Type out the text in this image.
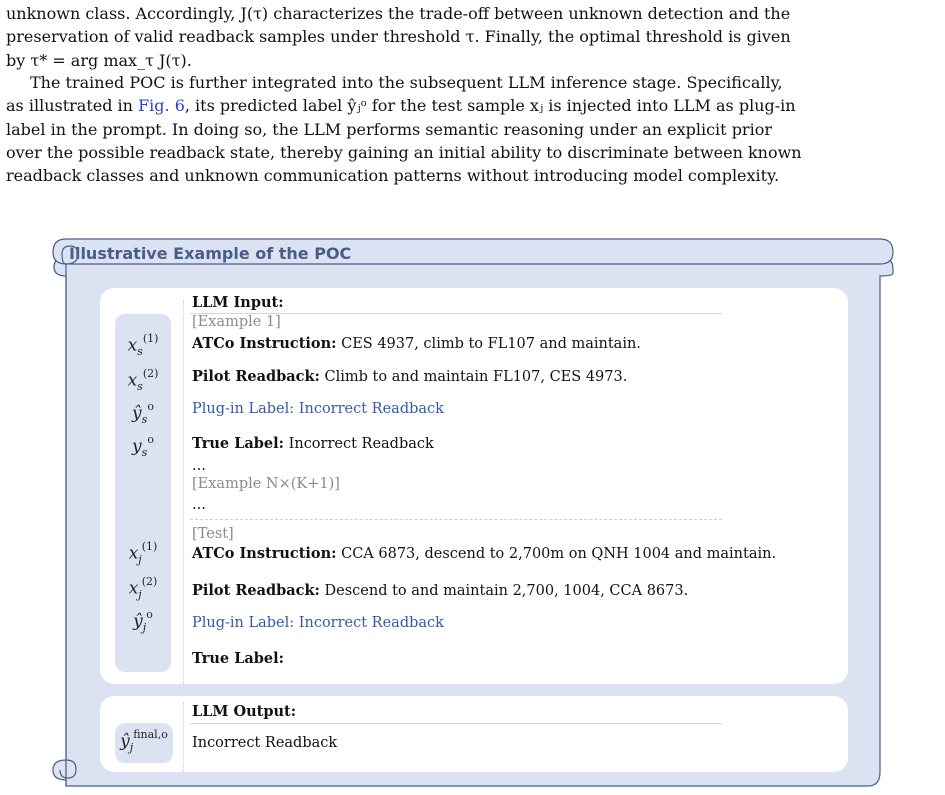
unknown class. Accordingly, J(τ) characterizes the trade-off between unknown detection and the

preservation of valid readback samples under threshold τ. Finally, the optimal threshold is given

by τ* = arg max_τ J(τ).

The trained POC is further integrated into the subsequent LLM inference stage. Specifically,

as illustrated in Fig. 6, its predicted label ŷⱼᵒ for the test sample xⱼ is injected into LLM as plug-in

label in the prompt. In doing so, the LLM performs semantic reasoning under an explicit prior

over the possible readback state, thereby gaining an initial ability to discriminate between known

readback classes and unknown communication patterns without introducing model complexity.

Illustrative Example of the POC
$x_s^{(1)}$
$x_s^{(2)}$
$ŷ_s^o$
$y_s^o$
$x_j^{(1)}$
$x_j^{(2)}$
$ŷ_j^o$
LLM Input:
[Example 1]
ATCo Instruction: CES 4937, climb to FL107 and maintain.
Pilot Readback: Climb to and maintain FL107, CES 4973.
Plug-in Label: Incorrect Readback
True Label: Incorrect Readback
...
[Example N×(K+1)]
...
[Test]
ATCo Instruction: CCA 6873, descend to 2,700m on QNH 1004 and maintain.
Pilot Readback: Descend to and maintain 2,700, 1004, CCA 8673.
Plug-in Label: Incorrect Readback
True Label:
$ŷ_j^{final,o}$
LLM Output:
Incorrect Readback
